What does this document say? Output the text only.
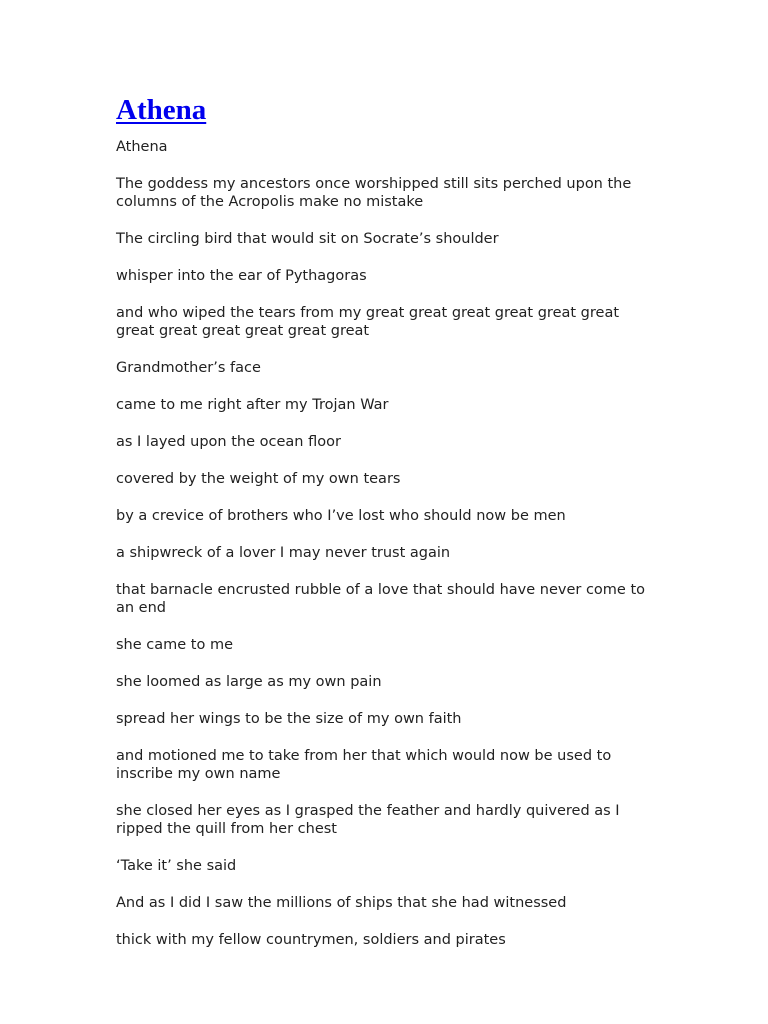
Athena

Athena

The goddess my ancestors once worshipped still sits perched upon the columns of the Acropolis make no mistake

The circling bird that would sit on Socrate’s shoulder

whisper into the ear of Pythagoras

and who wiped the tears from my great great great great great great great great great great great great

Grandmother’s face

came to me right after my Trojan War

as I layed upon the ocean floor

covered by the weight of my own tears

by a crevice of brothers who I’ve lost who should now be men

a shipwreck of a lover I may never trust again

that barnacle encrusted rubble of a love that should have never come to an end

she came to me

she loomed as large as my own pain

spread her wings to be the size of my own faith

and motioned me to take from her that which would now be used to inscribe my own name

she closed her eyes as I grasped the feather and hardly quivered as I ripped the quill from her chest

‘Take it’ she said

And as I did I saw the millions of ships that she had witnessed

thick with my fellow countrymen, soldiers and pirates
